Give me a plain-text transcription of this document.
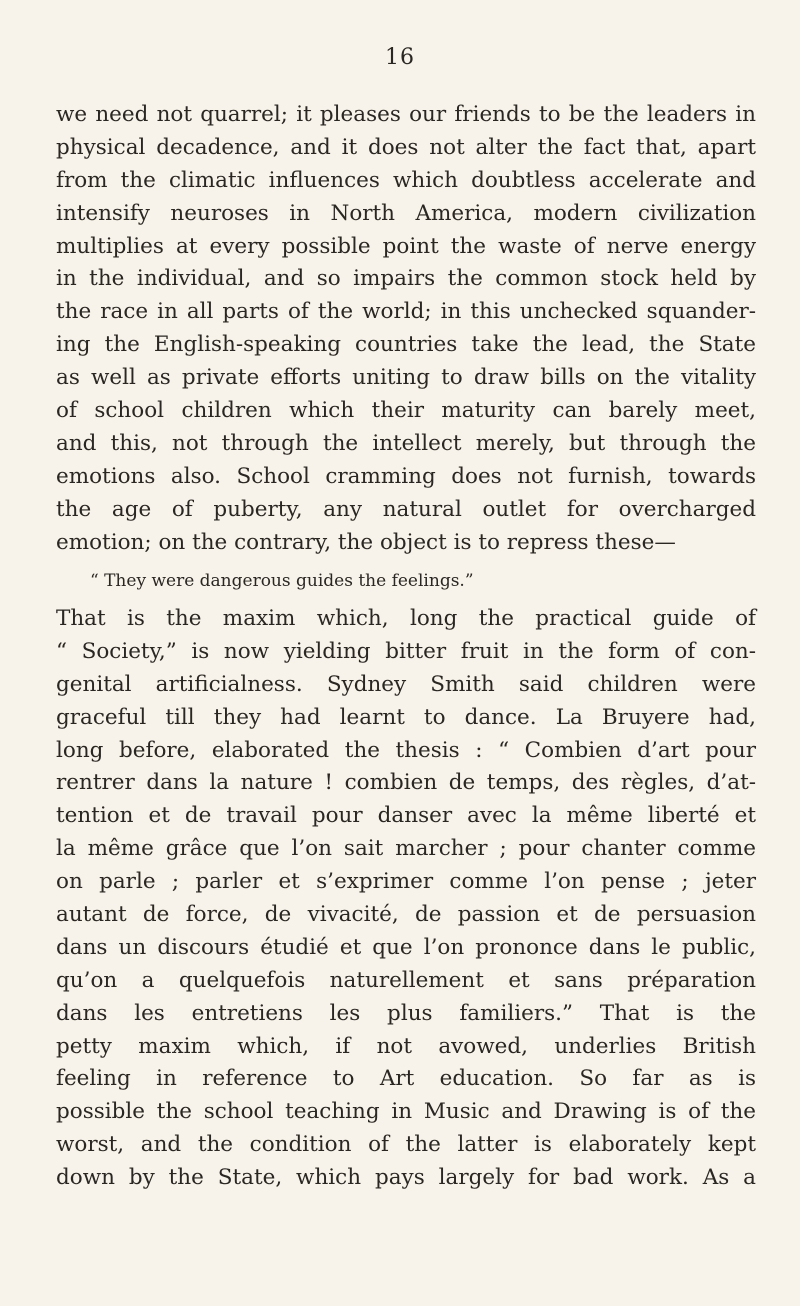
16
we need not quarrel; it pleases our friends to be the leaders in
physical decadence, and it does not alter the fact that, apart
from the climatic influences which doubtless accelerate and
intensify neuroses in North America, modern civilization
multiplies at every possible point the waste of nerve energy
in the individual, and so impairs the common stock held by
the race in all parts of the world; in this unchecked squander-
ing the English-speaking countries take the lead, the State
as well as private efforts uniting to draw bills on the vitality
of school children which their maturity can barely meet,
and this, not through the intellect merely, but through the
emotions also. School cramming does not furnish, towards
the age of puberty, any natural outlet for overcharged
emotion; on the contrary, the object is to repress these—
“ They were dangerous guides the feelings.”
That is the maxim which, long the practical guide of
“ Society,” is now yielding bitter fruit in the form of con-
genital artificialness. Sydney Smith said children were
graceful till they had learnt to dance. La Bruyere had,
long before, elaborated the thesis : “ Combien d’art pour
rentrer dans la nature ! combien de temps, des règles, d’at-
tention et de travail pour danser avec la même liberté et
la même grâce que l’on sait marcher ; pour chanter comme
on parle ; parler et s’exprimer comme l’on pense ; jeter
autant de force, de vivacité, de passion et de persuasion
dans un discours étudié et que l’on prononce dans le public,
qu’on a quelquefois naturellement et sans préparation
dans les entretiens les plus familiers.” That is the
petty maxim which, if not avowed, underlies British
feeling in reference to Art education. So far as is
possible the school teaching in Music and Drawing is of the
worst, and the condition of the latter is elaborately kept
down by the State, which pays largely for bad work. As a
